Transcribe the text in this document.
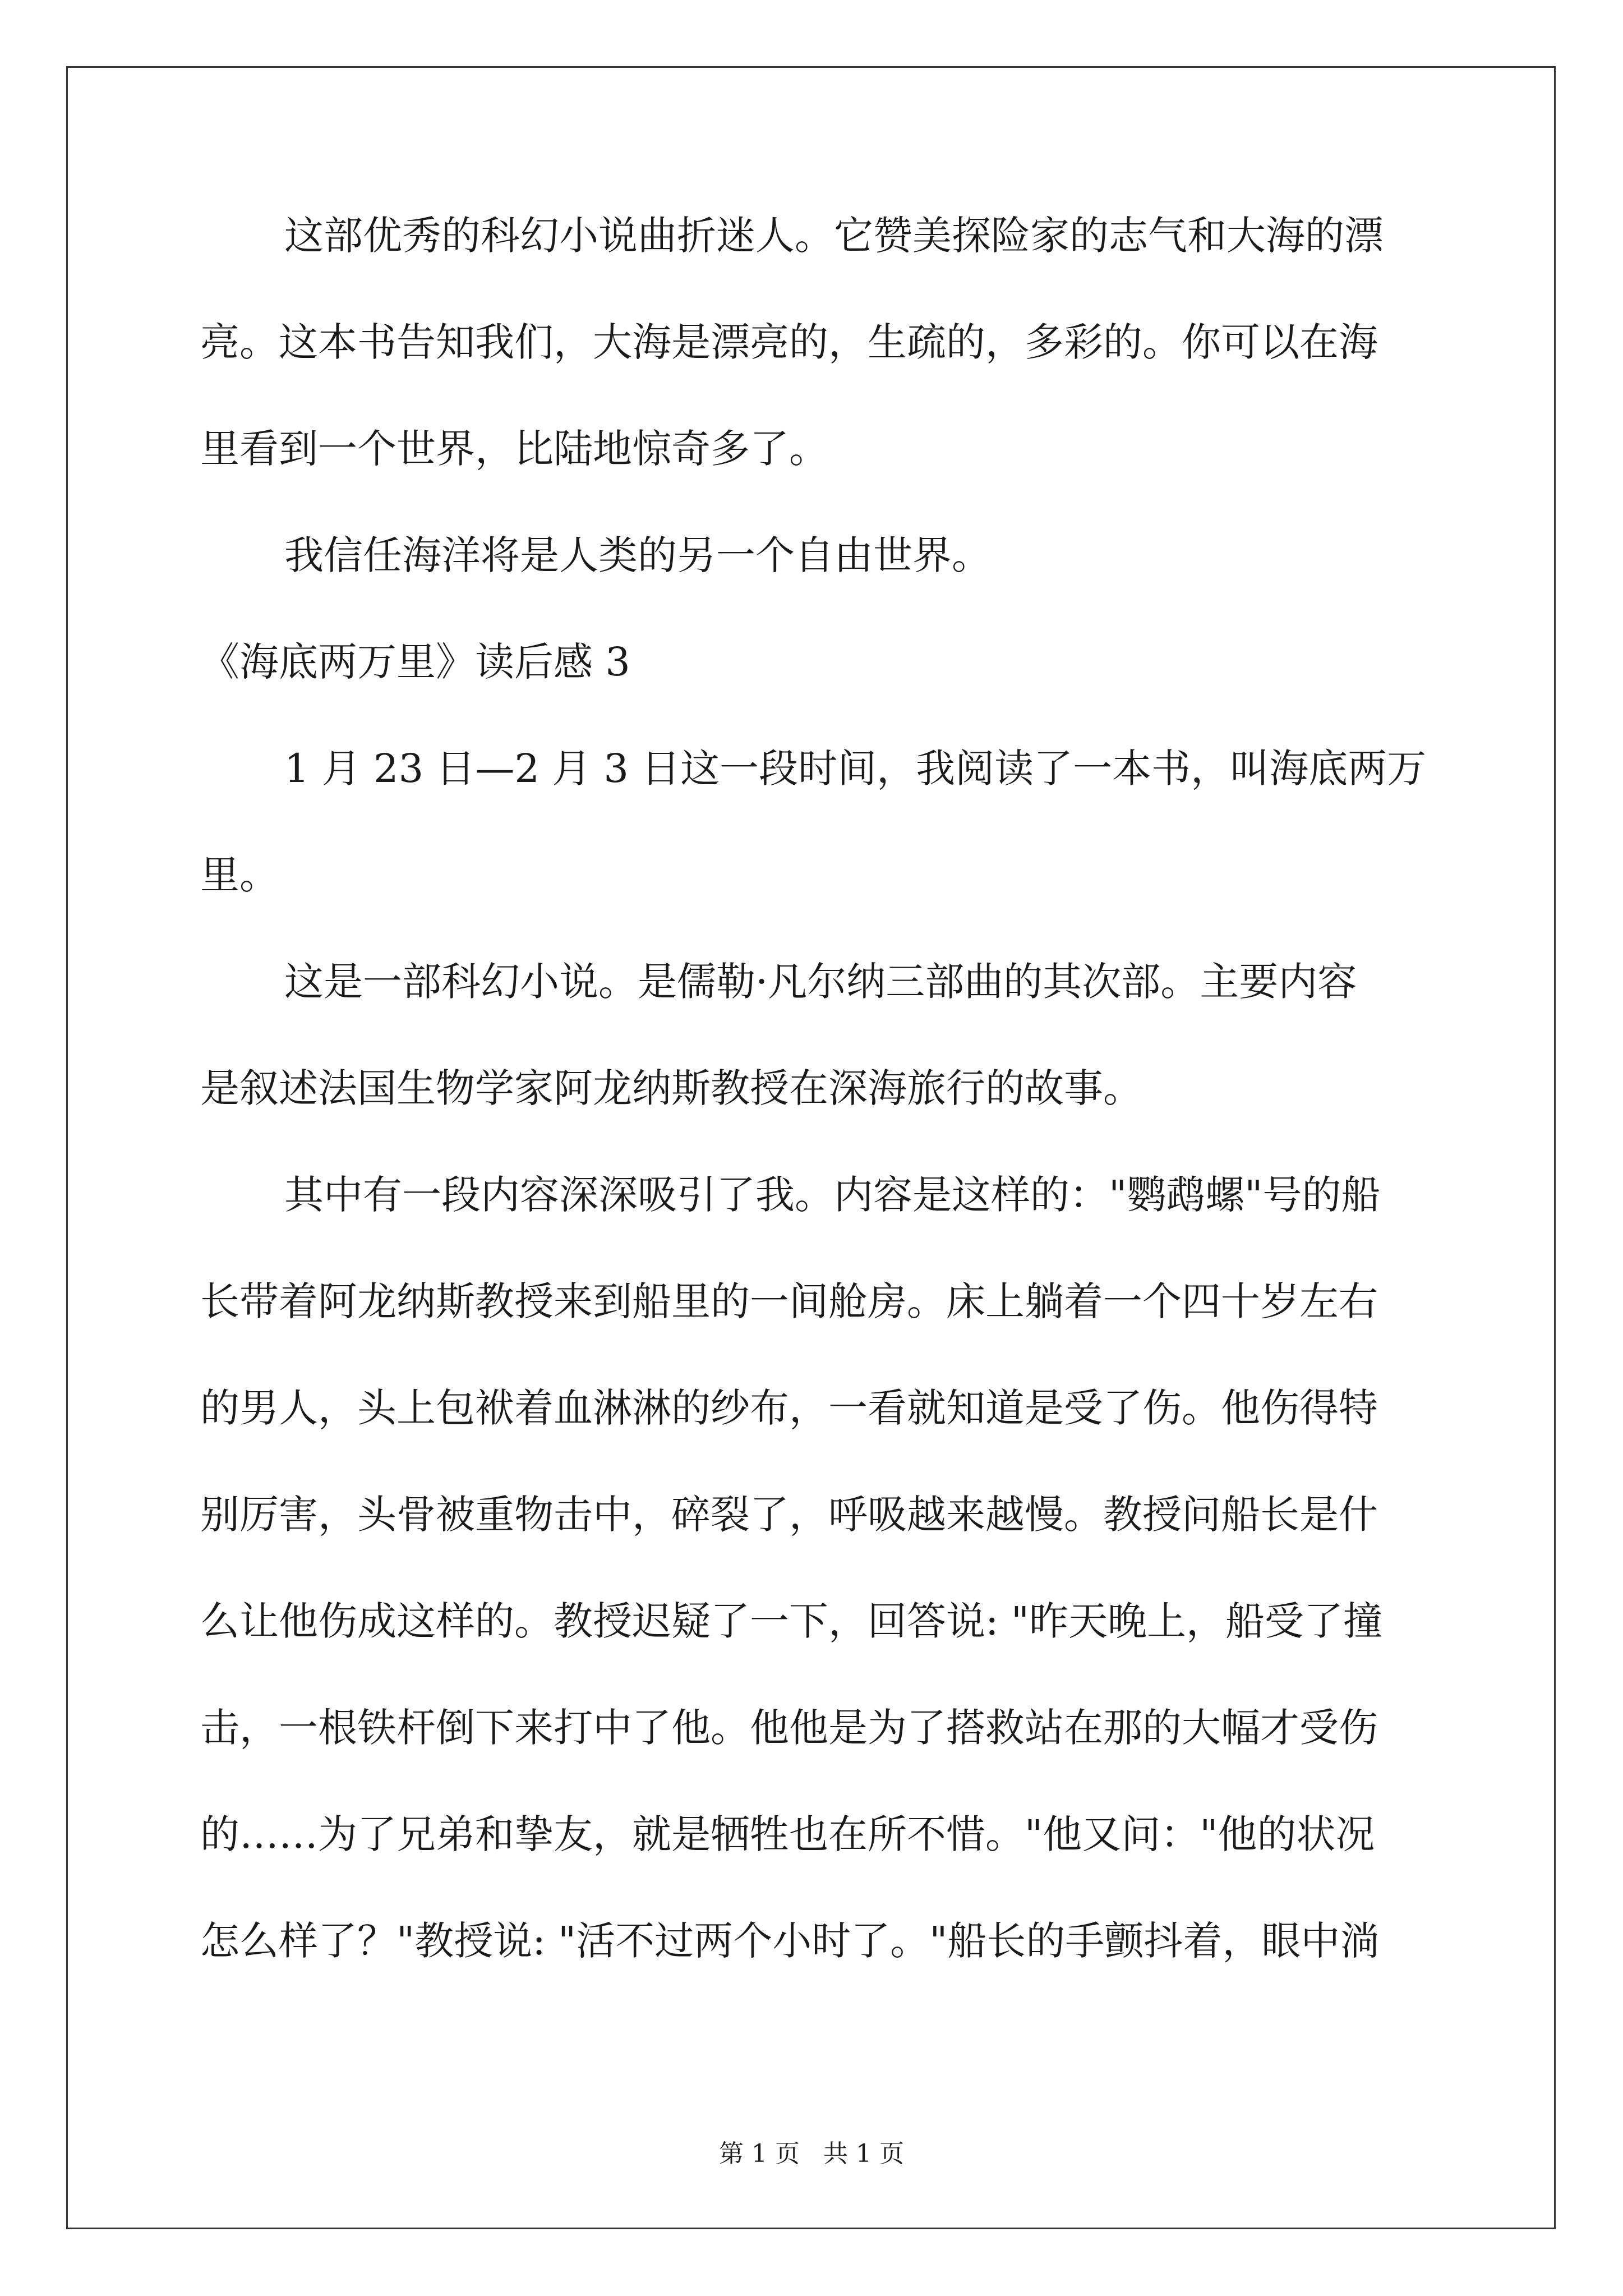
这部优秀的科幻小说曲折迷人。它赞美探险家的志气和大海的漂
亮。这本书告知我们，大海是漂亮的，生疏的，多彩的。你可以在海
里看到一个世界，比陆地惊奇多了。
我信任海洋将是人类的另一个自由世界。
《海底两万里》读后感 3
1 月 23 日—2 月 3 日这一段时间，我阅读了一本书，叫海底两万
里。
这是一部科幻小说。是儒勒·凡尔纳三部曲的其次部。主要内容
是叙述法国生物学家阿龙纳斯教授在深海旅行的故事。
其中有一段内容深深吸引了我。内容是这样的："鹦鹉螺"号的船
长带着阿龙纳斯教授来到船里的一间舱房。床上躺着一个四十岁左右
的男人，头上包袱着血淋淋的纱布，一看就知道是受了伤。他伤得特
别厉害，头骨被重物击中，碎裂了，呼吸越来越慢。教授问船长是什
么让他伤成这样的。教授迟疑了一下，回答说: "昨天晚上，船受了撞
击，一根铁杆倒下来打中了他。他他是为了搭救站在那的大幅才受伤
的……为了兄弟和挚友，就是牺牲也在所不惜。"他又问："他的状况
怎么样了？"教授说: "活不过两个小时了。"船长的手颤抖着，眼中淌
第 1 页 共 1 页
